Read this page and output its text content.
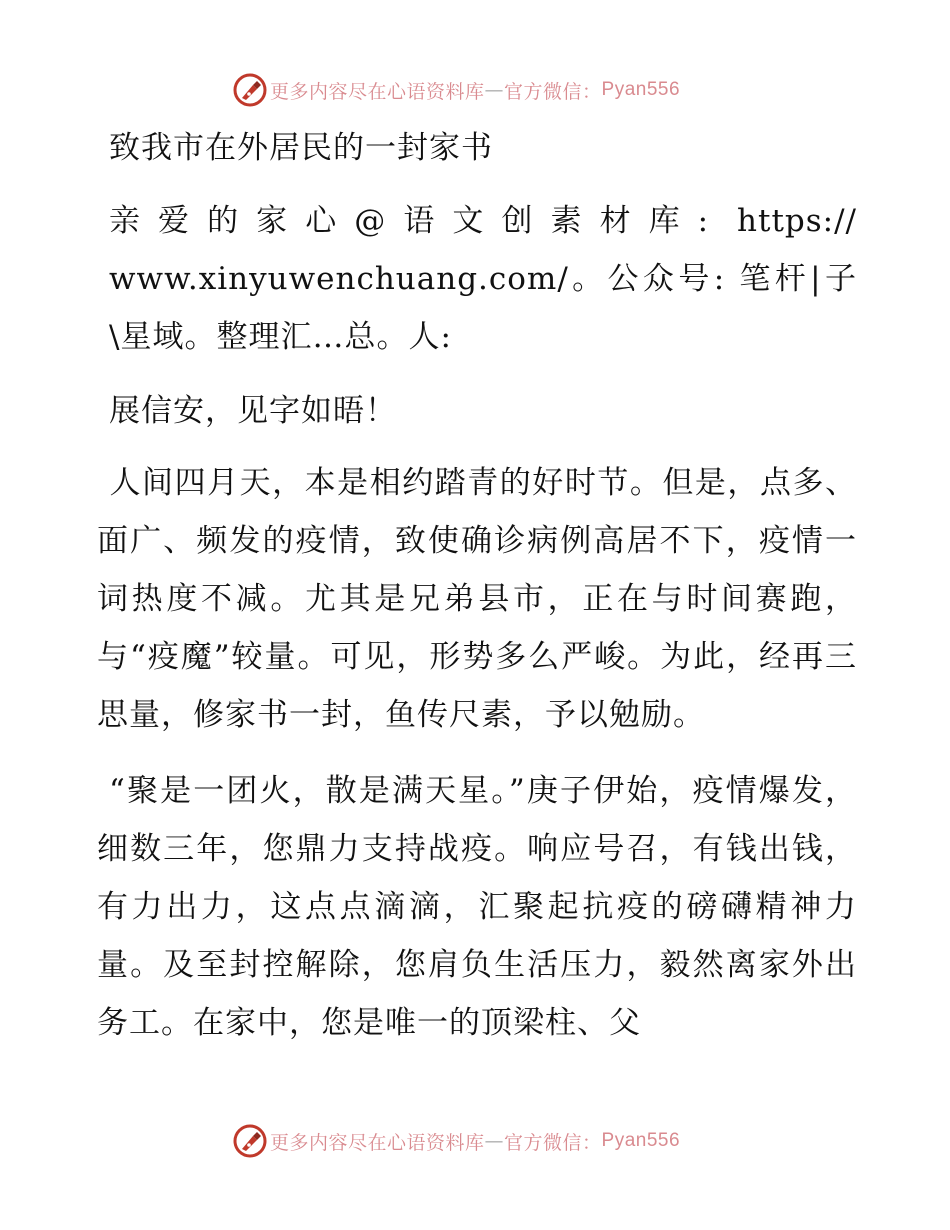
更多内容尽在心语资料库 — 官方微信： Pyan556
致我市在外居民的一封家书

亲爱的家心@语文创素材库: https:// www.xinyuwenchuang.com/。公众号: 笔杆|子\星域。整理汇…总。人:

展信安，见字如晤！

人间四月天，本是相约踏青的好时节。但是，点多、面广、频发的疫情，致使确诊病例高居不下，疫情一词热度不减。尤其是兄弟县市，正在与时间赛跑，与“疫魔”较量。可见，形势多么严峻。为此，经再三思量，修家书一封，鱼传尺素，予以勉励。

“聚是一团火，散是满天星。”庚子伊始，疫情爆发，细数三年，您鼎力支持战疫。响应号召，有钱出钱，有力出力，这点点滴滴，汇聚起抗疫的磅礴精神力量。及至封控解除，您肩负生活压力，毅然离家外出务工。在家中，您是唯一的顶梁柱、父

更多内容尽在心语资料库 — 官方微信： Pyan556
